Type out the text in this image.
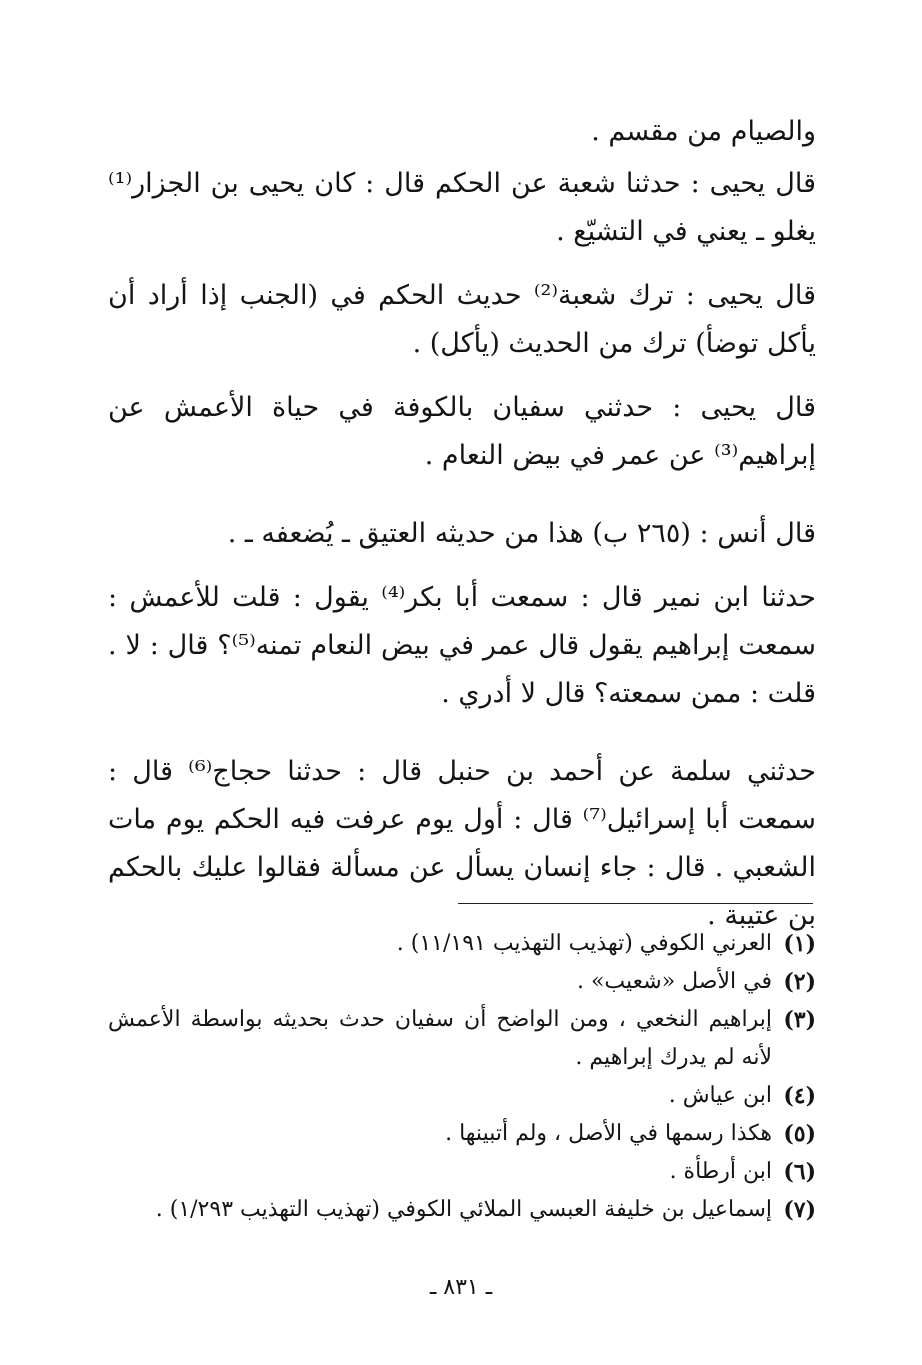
والصيام من مقسم .

قال يحيى : حدثنا شعبة عن الحكم قال : كان يحيى بن الجزار⁽¹⁾ يغلو ـ يعني في التشيّع .

قال يحيى : ترك شعبة⁽²⁾ حديث الحكم في (الجنب إذا أراد أن يأكل توضأ) ترك من الحديث (يأكل) .

قال يحيى : حدثني سفيان بالكوفة في حياة الأعمش عن إبراهيم⁽³⁾ عن عمر في بيض النعام .

قال أنس : (٢٦٥ ب) هذا من حديثه العتيق ـ يُضعفه ـ .

حدثنا ابن نمير قال : سمعت أبا بكر⁽⁴⁾ يقول : قلت للأعمش : سمعت إبراهيم يقول قال عمر في بيض النعام تمنه⁽⁵⁾؟ قال : لا . قلت : ممن سمعته؟ قال لا أدري .

حدثني سلمة عن أحمد بن حنبل قال : حدثنا حجاج⁽⁶⁾ قال : سمعت أبا إسرائيل⁽⁷⁾ قال : أول يوم عرفت فيه الحكم يوم مات الشعبي . قال : جاء إنسان يسأل عن مسألة فقالوا عليك بالحكم بن عتيبة .

(١)
العرني الكوفي (تهذيب التهذيب ١١/١٩١) .
(٢)
في الأصل «شعيب» .
(٣)
إبراهيم النخعي ، ومن الواضح أن سفيان حدث بحديثه بواسطة الأعمش لأنه لم يدرك إبراهيم .
(٤)
ابن عياش .
(٥)
هكذا رسمها في الأصل ، ولم أتبينها .
(٦)
ابن أرطأة .
(٧)
إسماعيل بن خليفة العبسي الملائي الكوفي (تهذيب التهذيب ١/٢٩٣) .
ـ ٨٣١ ـ
